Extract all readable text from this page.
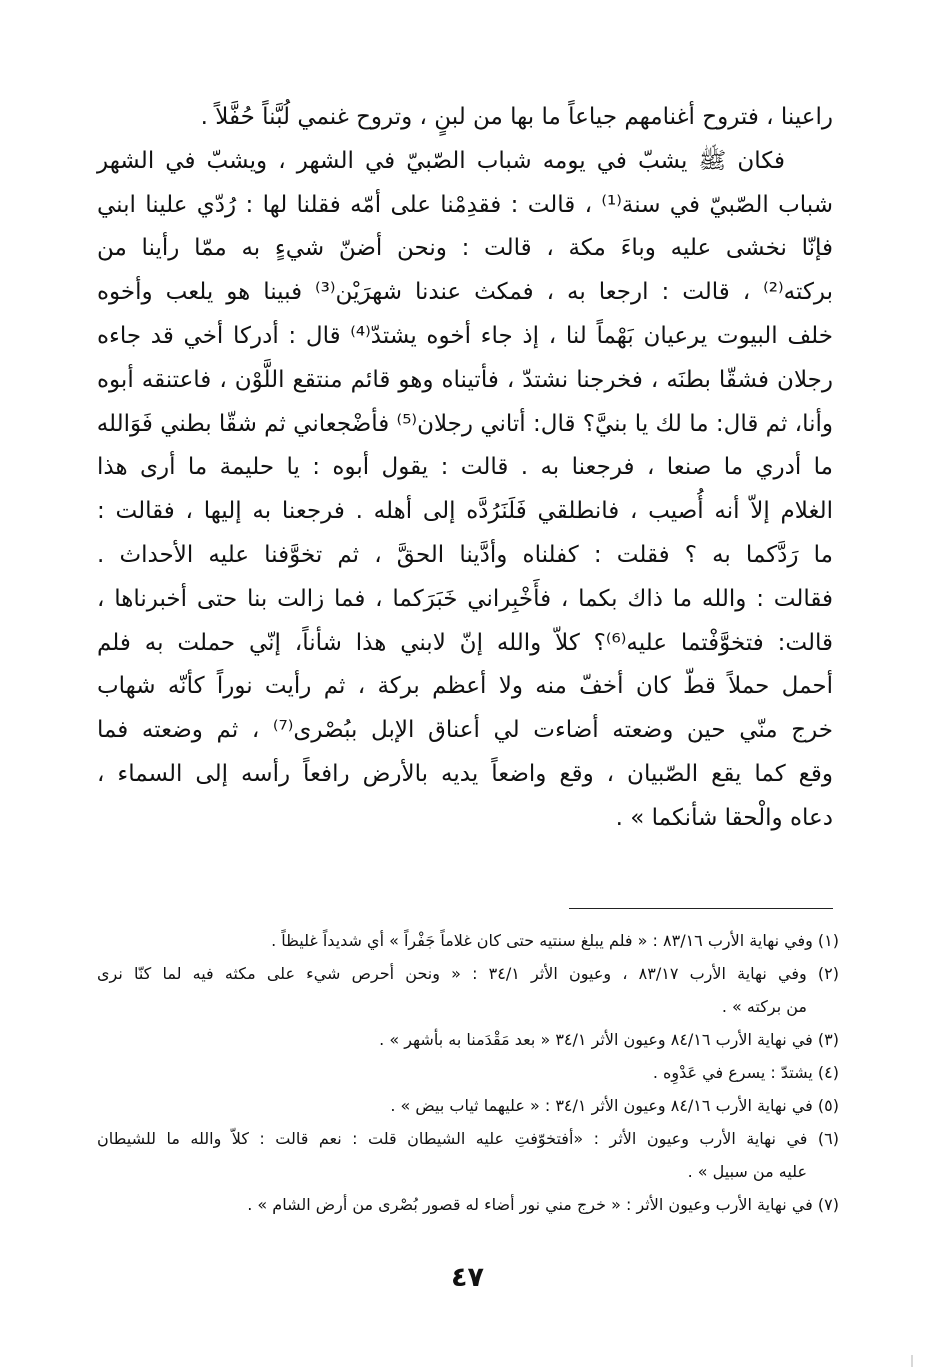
راعينا ، فتروح أغنامهم جياعاً ما بها من لبنٍ ، وتروح غنمي لُبَّناً حُفَّلاً .
فكان ﷺ يشبّ في يومه شباب الصّبيّ في الشهر ، ويشبّ في الشهر
شباب الصّبيّ في سنة⁽¹⁾ ، قالت : فقدِمْنا على أمّه فقلنا لها : رُدّي علينا ابني
فإنّا نخشى عليه وباءَ مكة ، قالت : ونحن أضنّ شيءٍ به ممّا رأينا من
بركته⁽²⁾ ، قالت : ارجعا به ، فمكث عندنا شهرَيْن⁽³⁾ فبينا هو يلعب وأخوه
خلف البيوت يرعيان بَهْماً لنا ، إذ جاء أخوه يشتدّ⁽⁴⁾ قال : أدركا أخي قد جاءه
رجلان فشقّا بطنَه ، فخرجنا نشتدّ ، فأتيناه وهو قائم منتقع اللَّوْن ، فاعتنقه أبوه
وأنا، ثم قال: ما لك يا بنيَّ؟ قال: أتاني رجلان⁽⁵⁾ فأضْجعاني ثم شقّا بطني فَوَالله
ما أدري ما صنعا ، فرجعنا به . قالت : يقول أبوه : يا حليمة ما أرى هذا
الغلام إلاّ أنه أُصيب ، فانطلقي فَلَنَرُدَّه إلى أهله . فرجعنا به إليها ، فقالت :
ما رَدَّكما به ؟ فقلت : كفلناه وأدَّينا الحقَّ ، ثم تخوَّفنا عليه الأحداث .
فقالت : والله ما ذاك بكما ، فأَخْبِراني خَبَرَكما ، فما زالت بنا حتى أخبرناها ،
قالت: فتخوَّفْتما عليه⁽⁶⁾؟ كلاّ والله إنّ لابني هذا شأناً، إنّي حملت به فلم
أحمل حملاً قطّ كان أخفّ منه ولا أعظم بركة ، ثم رأيت نوراً كأنّه شهاب
خرج منّي حين وضعته أضاءت لي أعناق الإبل ببُصْرى⁽⁷⁾ ، ثم وضعته فما
وقع كما يقع الصّبيان ، وقع واضعاً يديه بالأرض رافعاً رأسه إلى السماء ،
دعاه والْحقا شأنكما » .
(١) وفي نهاية الأرب ٨٣/١٦ : « فلم يبلغ سنتيه حتى كان غلاماً جَفْراً » أي شديداً غليظاً .
(٢) وفي نهاية الأرب ٨٣/١٧ ، وعيون الأثر ٣٤/١ : « ونحن أحرص شيء على مكثه فيه لما كنّا نرى
من بركته » .
(٣) في نهاية الأرب ٨٤/١٦ وعيون الأثر ٣٤/١ « بعد مَقْدَمنا به بأشهر » .
(٤) يشتدّ : يسرع في عَدْوِه .
(٥) في نهاية الأرب ٨٤/١٦ وعيون الأثر ٣٤/١ : « عليهما ثياب بيض » .
(٦) في نهاية الأرب وعيون الأثر : «أفتخوّفتِ عليه الشيطان قلت : نعم قالت : كلاّ والله ما للشيطان
عليه من سبيل » .
(٧) في نهاية الأرب وعيون الأثر : « خرج مني نور أضاء له قصور بُصْرى من أرض الشام » .
٤٧
